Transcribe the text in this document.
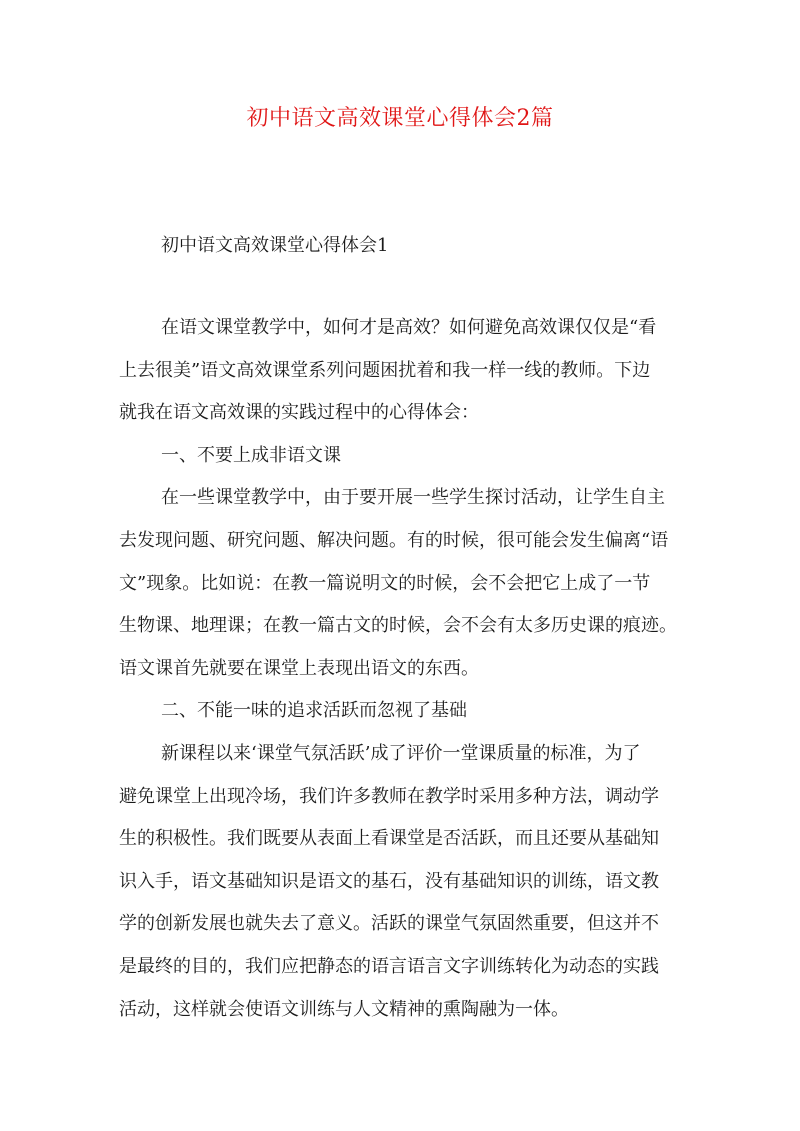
初中语文高效课堂心得体会2篇
初中语文高效课堂心得体会1
在语文课堂教学中，如何才是高效？如何避免高效课仅仅是“看
上去很美”语文高效课堂系列问题困扰着和我一样一线的教师。下边
就我在语文高效课的实践过程中的心得体会：
一、不要上成非语文课
在一些课堂教学中，由于要开展一些学生探讨活动，让学生自主
去发现问题、研究问题、解决问题。有的时候，很可能会发生偏离“语
文”现象。比如说：在教一篇说明文的时候，会不会把它上成了一节
生物课、地理课；在教一篇古文的时候，会不会有太多历史课的痕迹。
语文课首先就要在课堂上表现出语文的东西。
二、不能一味的追求活跃而忽视了基础
新课程以来‘课堂气氛活跃’成了评价一堂课质量的标准，为了
避免课堂上出现冷场，我们许多教师在教学时采用多种方法，调动学
生的积极性。我们既要从表面上看课堂是否活跃，而且还要从基础知
识入手，语文基础知识是语文的基石，没有基础知识的训练，语文教
学的创新发展也就失去了意义。活跃的课堂气氛固然重要，但这并不
是最终的目的，我们应把静态的语言语言文字训练转化为动态的实践
活动，这样就会使语文训练与人文精神的熏陶融为一体。
